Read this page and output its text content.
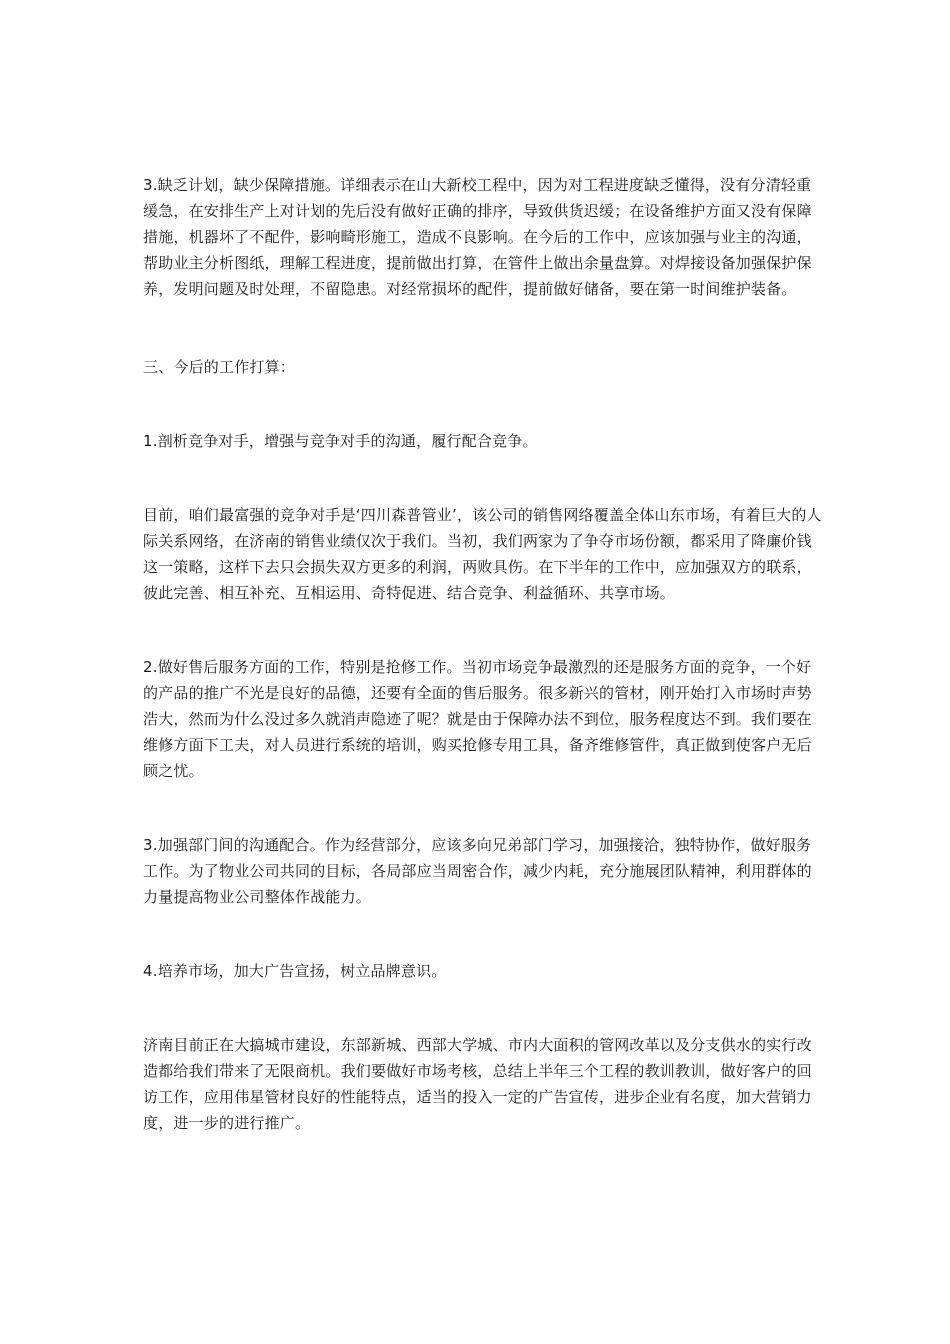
3.缺乏计划，缺少保障措施。详细表示在山大新校工程中，因为对工程进度缺乏懂得，没有分清轻重缓急，在安排生产上对计划的先后没有做好正确的排序，导致供货迟缓；在设备维护方面又没有保障措施，机器坏了不配件，影响畸形施工，造成不良影响。在今后的工作中，应该加强与业主的沟通，帮助业主分析图纸，理解工程进度，提前做出打算，在管件上做出余量盘算。对焊接设备加强保护保养，发明问题及时处理，不留隐患。对经常损坏的配件，提前做好储备，要在第一时间维护装备。

三、今后的工作打算：

1.剖析竞争对手，增强与竞争对手的沟通，履行配合竞争。

目前，咱们最富强的竞争对手是‘四川森普管业’，该公司的销售网络覆盖全体山东市场，有着巨大的人际关系网络，在济南的销售业绩仅次于我们。当初，我们两家为了争夺市场份额，都采用了降廉价钱这一策略，这样下去只会损失双方更多的利润，两败具伤。在下半年的工作中，应加强双方的联系，彼此完善、相互补充、互相运用、奇特促进、结合竞争、利益循环、共享市场。

2.做好售后服务方面的工作，特别是抢修工作。当初市场竞争最激烈的还是服务方面的竞争，一个好的产品的推广不光是良好的品德，还要有全面的售后服务。很多新兴的管材，刚开始打入市场时声势浩大，然而为什么没过多久就消声隐迹了呢？就是由于保障办法不到位，服务程度达不到。我们要在维修方面下工夫，对人员进行系统的培训，购买抢修专用工具，备齐维修管件，真正做到使客户无后顾之忧。

3.加强部门间的沟通配合。作为经营部分，应该多向兄弟部门学习，加强接洽，独特协作，做好服务工作。为了物业公司共同的目标，各局部应当周密合作，减少内耗，充分施展团队精神，利用群体的力量提高物业公司整体作战能力。

4.培养市场，加大广告宣扬，树立品牌意识。

济南目前正在大搞城市建设，东部新城、西部大学城、市内大面积的管网改革以及分支供水的实行改造都给我们带来了无限商机。我们要做好市场考核，总结上半年三个工程的教训教训，做好客户的回访工作，应用伟星管材良好的性能特点，适当的投入一定的广告宣传，进步企业有名度，加大营销力度，进一步的进行推广。
